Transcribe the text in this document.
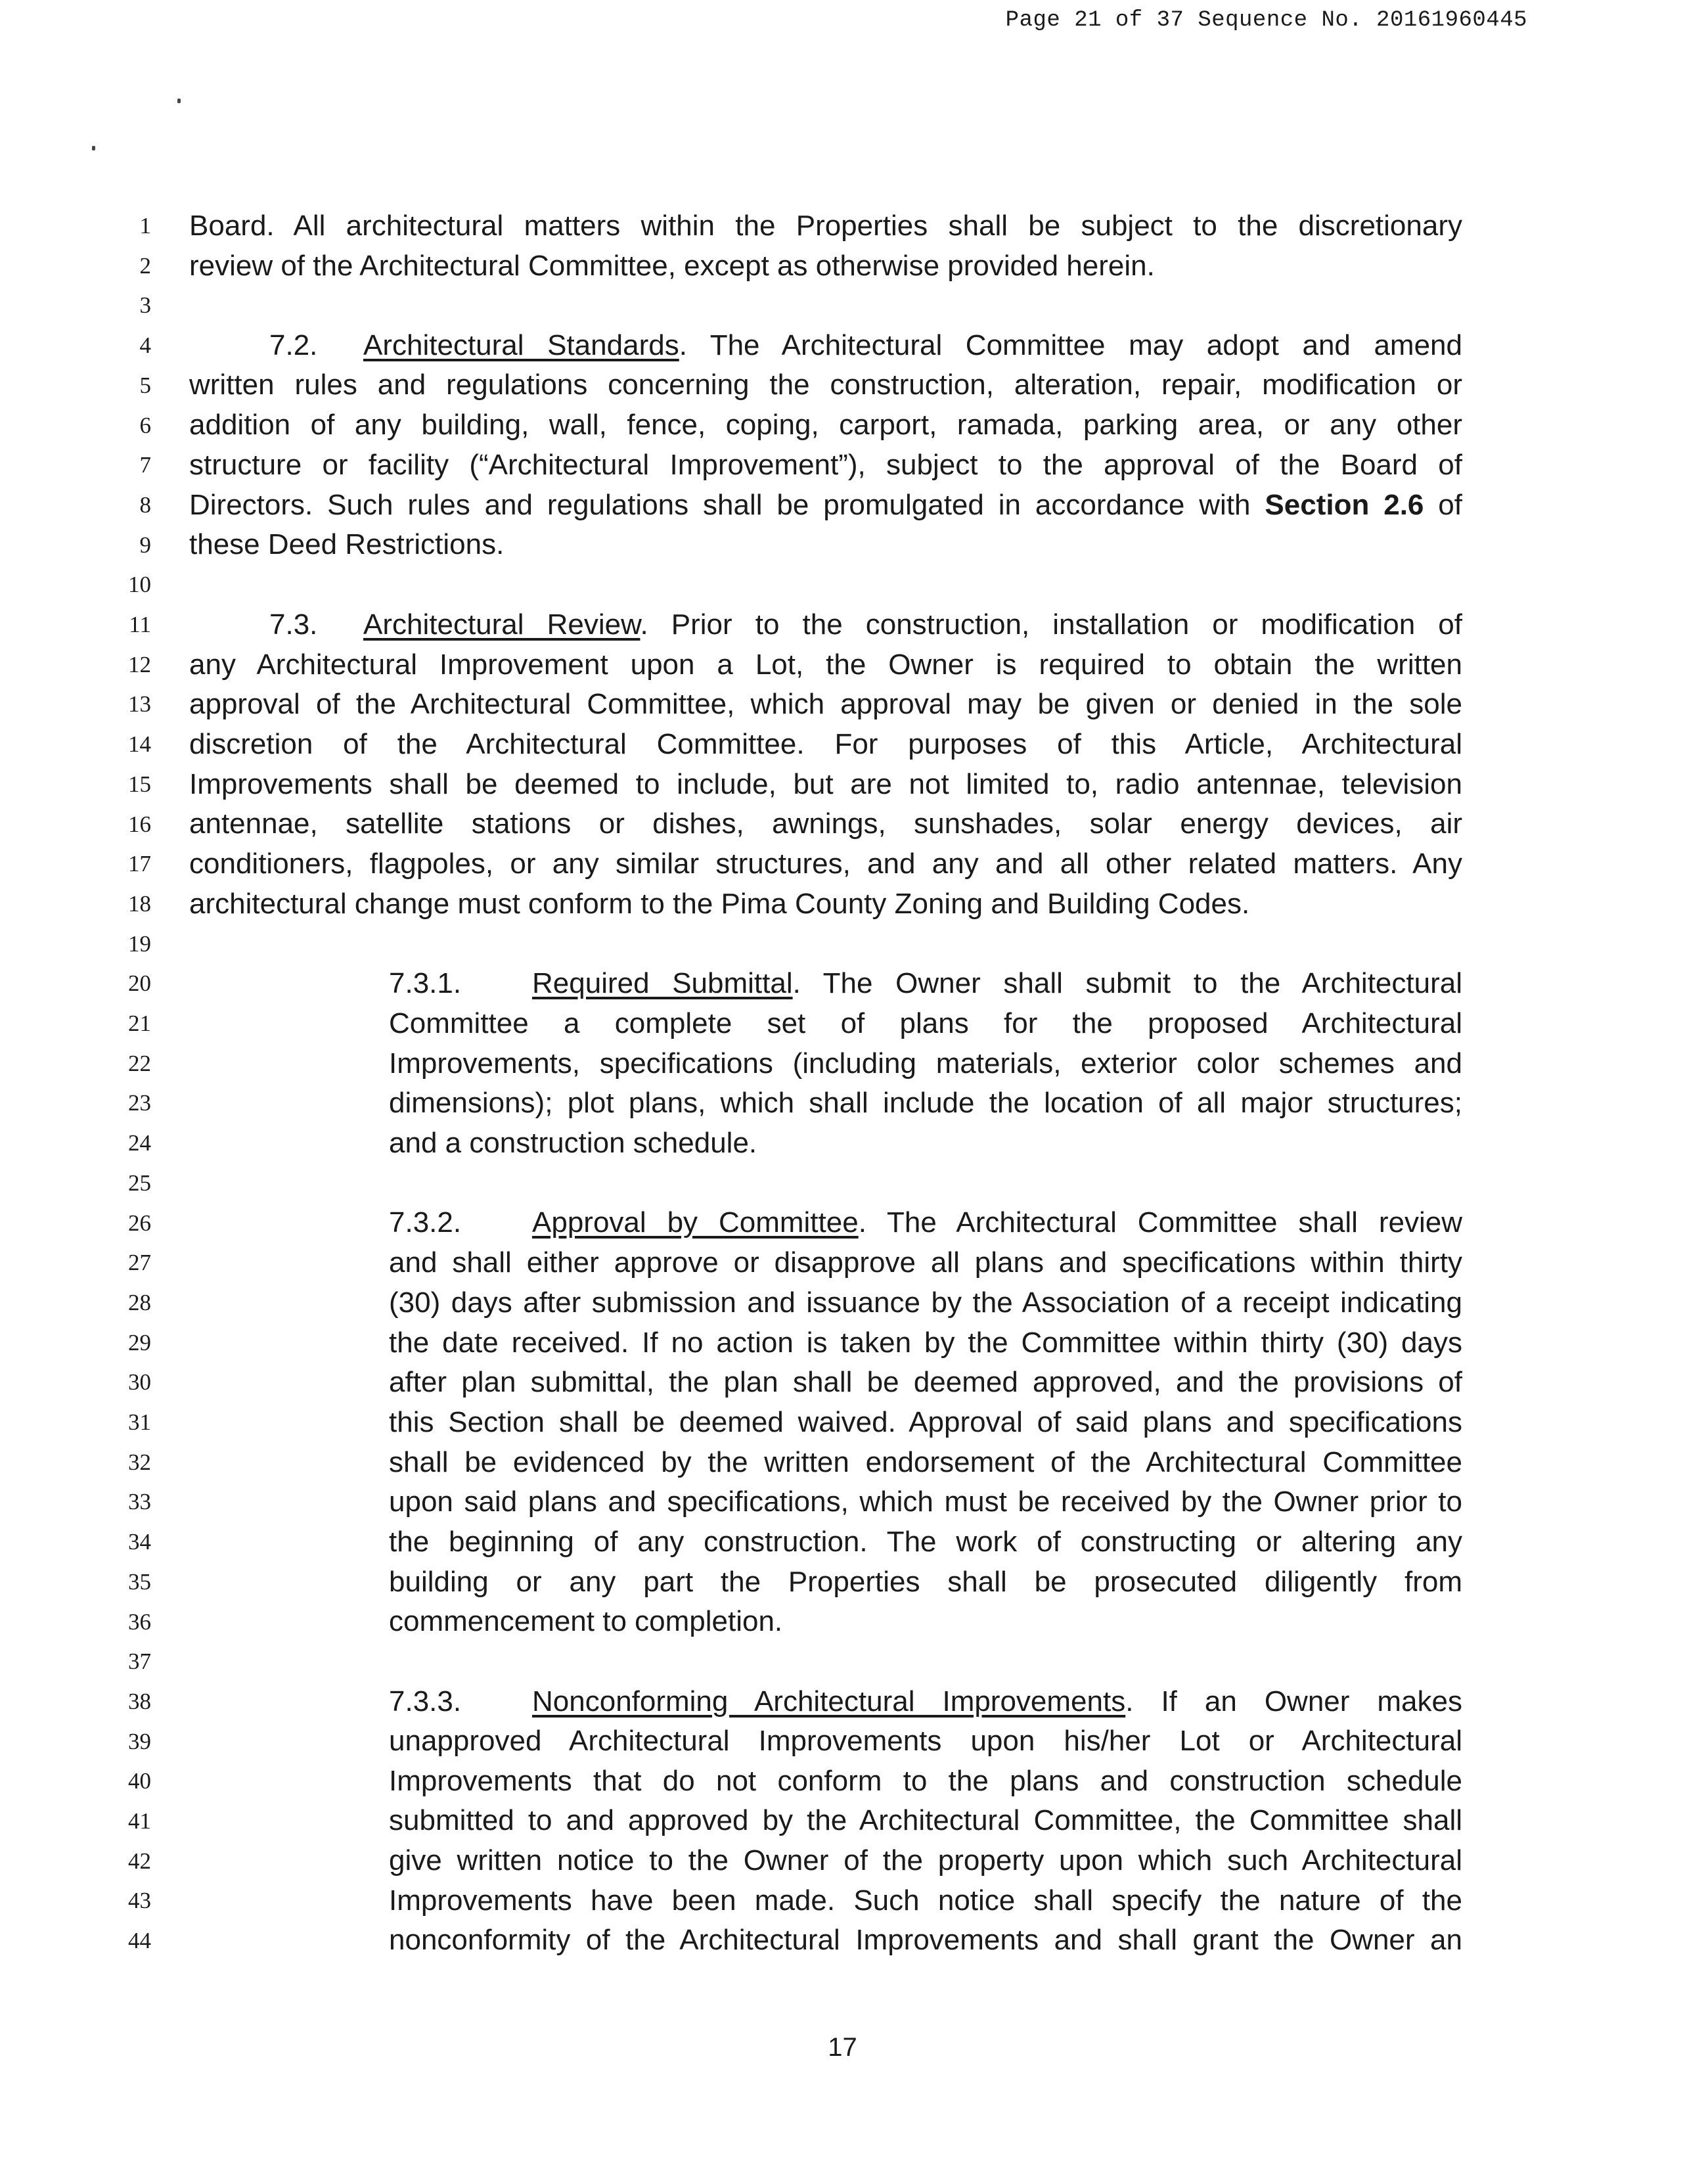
Page 21 of 37 Sequence No. 20161960445
1
2
3
4
5
6
7
8
9
10
11
12
13
14
15
16
17
18
19
20
21
22
23
24
25
26
27
28
29
30
31
32
33
34
35
36
37
38
39
40
41
42
43
44
Board. All architectural matters within the Properties shall be subject to the discretionary
review of the Architectural Committee, except as otherwise provided herein.
7.2. Architectural Standards. The Architectural Committee may adopt and amend
written rules and regulations concerning the construction, alteration, repair, modification or
addition of any building, wall, fence, coping, carport, ramada, parking area, or any other
structure or facility (“Architectural Improvement”), subject to the approval of the Board of
Directors. Such rules and regulations shall be promulgated in accordance with Section 2.6 of
these Deed Restrictions.
7.3. Architectural Review. Prior to the construction, installation or modification of
any Architectural Improvement upon a Lot, the Owner is required to obtain the written
approval of the Architectural Committee, which approval may be given or denied in the sole
discretion of the Architectural Committee. For purposes of this Article, Architectural
Improvements shall be deemed to include, but are not limited to, radio antennae, television
antennae, satellite stations or dishes, awnings, sunshades, solar energy devices, air
conditioners, flagpoles, or any similar structures, and any and all other related matters. Any
architectural change must conform to the Pima County Zoning and Building Codes.
7.3.1. Required Submittal. The Owner shall submit to the Architectural
Committee a complete set of plans for the proposed Architectural
Improvements, specifications (including materials, exterior color schemes and
dimensions); plot plans, which shall include the location of all major structures;
and a construction schedule.
7.3.2. Approval by Committee. The Architectural Committee shall review
and shall either approve or disapprove all plans and specifications within thirty
(30) days after submission and issuance by the Association of a receipt indicating
the date received. If no action is taken by the Committee within thirty (30) days
after plan submittal, the plan shall be deemed approved, and the provisions of
this Section shall be deemed waived. Approval of said plans and specifications
shall be evidenced by the written endorsement of the Architectural Committee
upon said plans and specifications, which must be received by the Owner prior to
the beginning of any construction. The work of constructing or altering any
building or any part the Properties shall be prosecuted diligently from
commencement to completion.
7.3.3. Nonconforming Architectural Improvements. If an Owner makes
unapproved Architectural Improvements upon his/her Lot or Architectural
Improvements that do not conform to the plans and construction schedule
submitted to and approved by the Architectural Committee, the Committee shall
give written notice to the Owner of the property upon which such Architectural
Improvements have been made. Such notice shall specify the nature of the
nonconformity of the Architectural Improvements and shall grant the Owner an
17
